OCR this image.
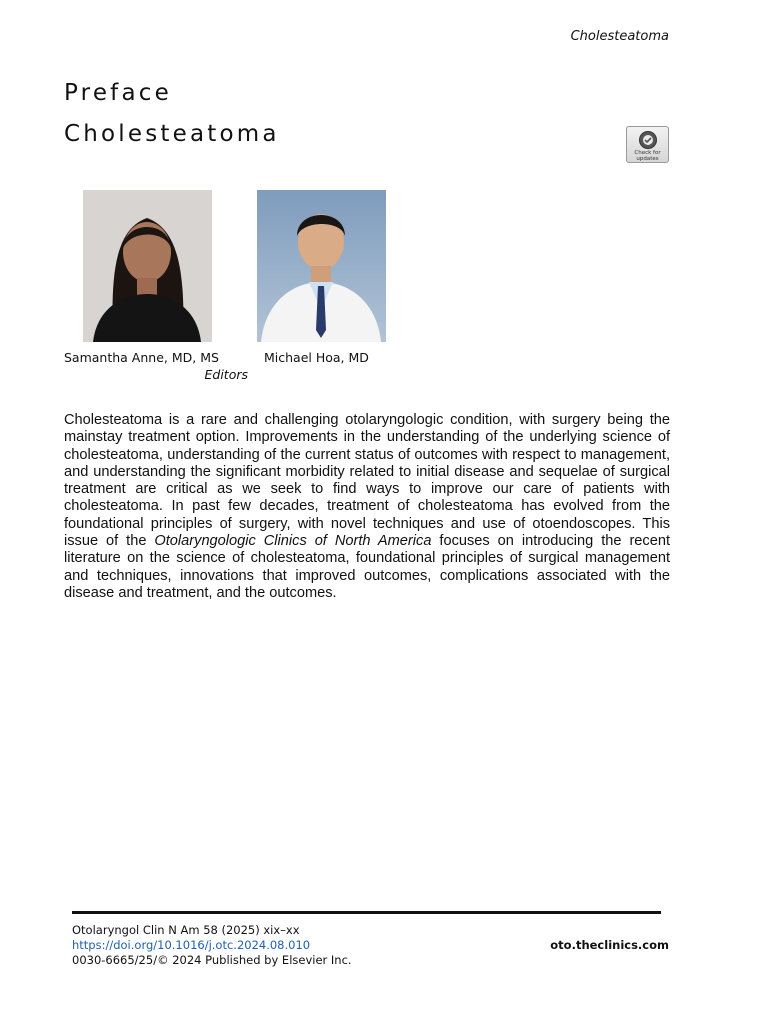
Cholesteatoma
Preface
Cholesteatoma
Check for updates
Samantha Anne, MD, MS	Michael Hoa, MD
Editors

Cholesteatoma is a rare and challenging otolaryngologic condition, with surgery being the mainstay treatment option. Improvements in the understanding of the underlying science of cholesteatoma, understanding of the current status of outcomes with respect to management, and understanding the significant morbidity related to initial disease and sequelae of surgical treatment are critical as we seek to find ways to improve our care of patients with cholesteatoma. In past few decades, treatment of cholesteatoma has evolved from the foundational principles of surgery, with novel techniques and use of otoendoscopes. This issue of the Otolaryngologic Clinics of North America focuses on introducing the recent literature on the science of cholesteatoma, foundational principles of surgical management and techniques, innovations that improved outcomes, complications associated with the disease and treatment, and the outcomes.

Otolaryngol Clin N Am 58 (2025) xix–xx
https://doi.org/10.1016/j.otc.2024.08.010
0030-6665/25/© 2024 Published by Elsevier Inc.
oto.theclinics.com
